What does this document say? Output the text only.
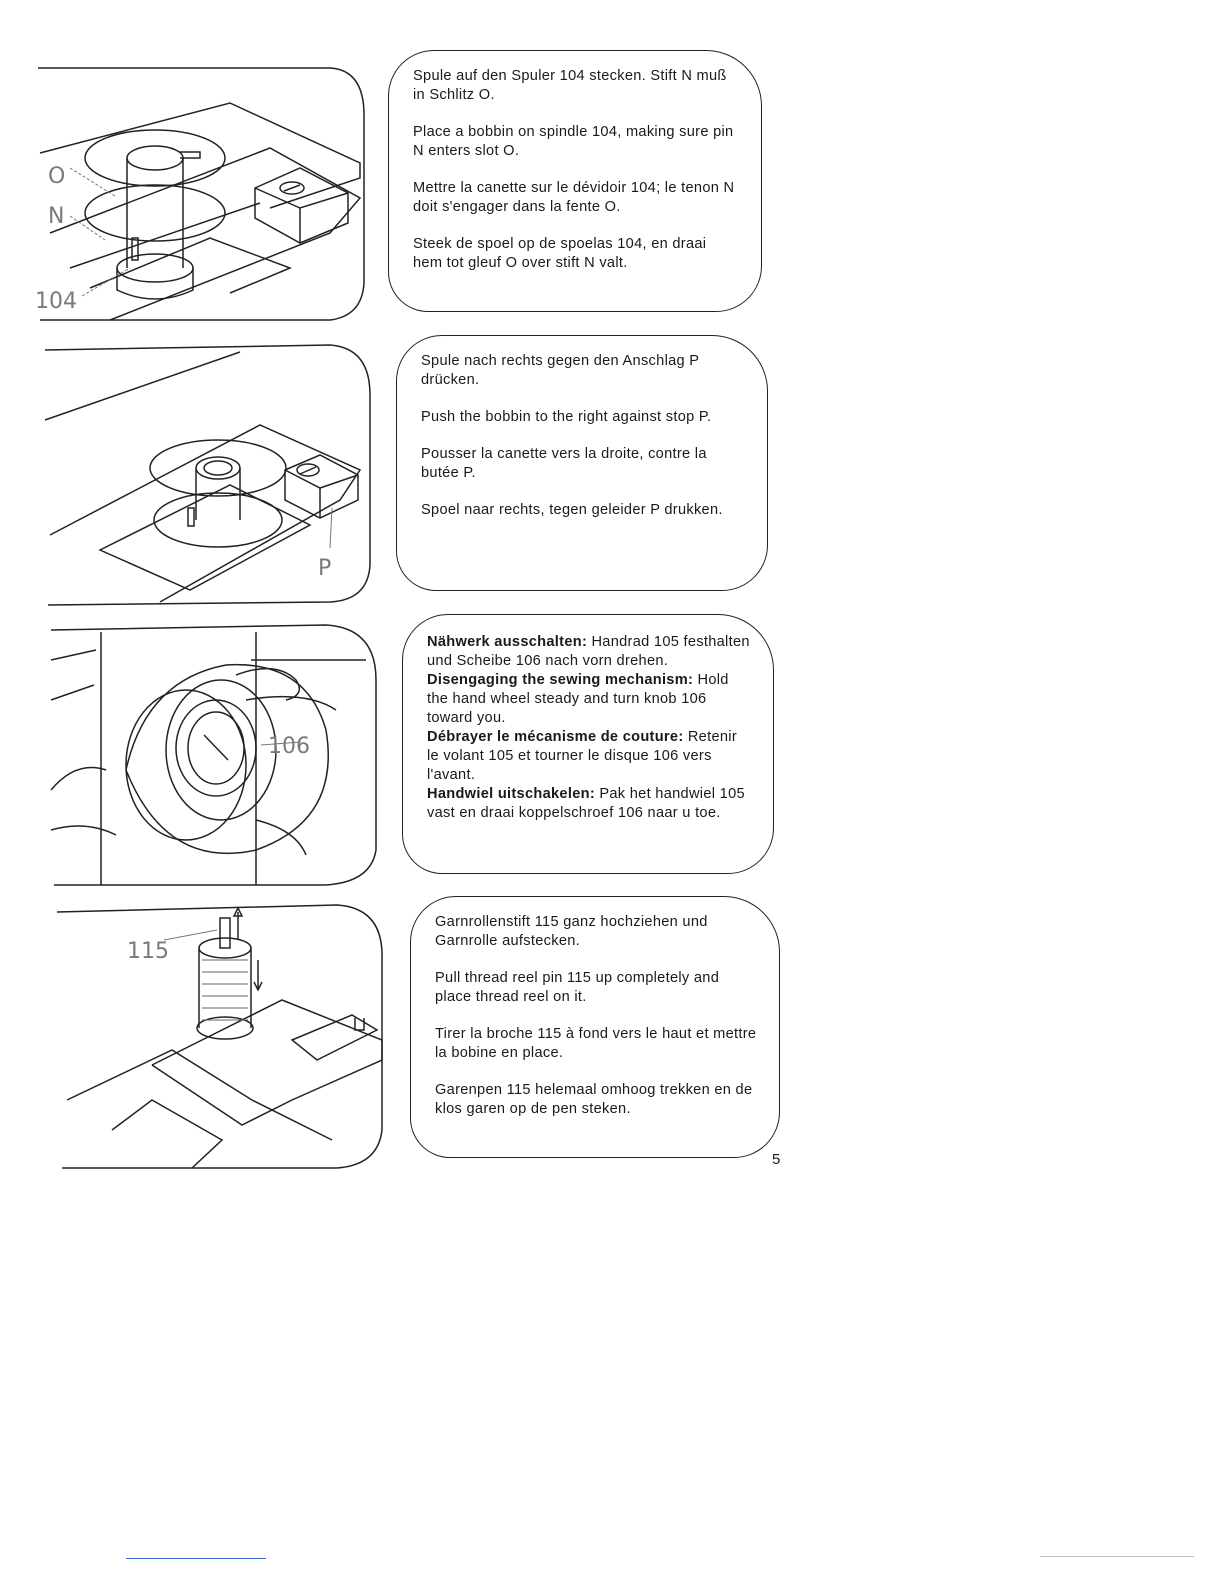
O
N
104

Spule auf den Spuler 104 stecken. Stift N muß in Schlitz O.

Place a bobbin on spindle 104, making sure pin N enters slot O.

Mettre la canette sur le dévidoir 104; le tenon N doit s'engager dans la fente O.

Steek de spoel op de spoelas 104, en draai hem tot gleuf O over stift N valt.

P

Spule nach rechts gegen den Anschlag P drücken.

Push the bobbin to the right against stop P.

Pousser la canette vers la droite, contre la butée P.

Spoel naar rechts, tegen geleider P drukken.

106

Nähwerk ausschalten: Handrad 105 festhalten und Scheibe 106 nach vorn drehen.

Disengaging the sewing mechanism: Hold the hand wheel steady and turn knob 106 toward you.

Débrayer le mécanisme de couture: Retenir le volant 105 et tourner le disque 106 vers l'avant.

Handwiel uitschakelen: Pak het handwiel 105 vast en draai koppelschroef 106 naar u toe.

115

Garnrollenstift 115 ganz hochziehen und Garnrolle aufstecken.

Pull thread reel pin 115 up completely and place thread reel on it.

Tirer la broche 115 à fond vers le haut et mettre la bobine en place.

Garenpen 115 helemaal omhoog trekken en de klos garen op de pen steken.

5
